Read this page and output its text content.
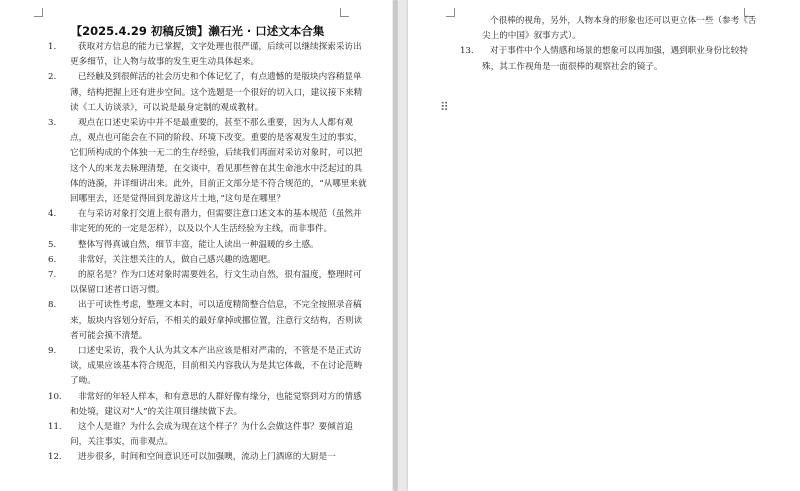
【2025.4.29 初稿反馈】濑石光 · 口述文本合集
1.	获取对方信息的能力已掌握，文字处理也很严谨，后续可以继续探索采访出更多细节，让人物与故事的发生更生动具体起来。
2.	已经触及到很鲜活的社会历史和个体记忆了，有点遗憾的是版块内容稍显单薄，结构把握上还有进步空间。这个选题是一个很好的切入口，建议接下来精读《工人访谈录》，可以说是最身定制的观成教材。
3.	观点在口述史采访中并不是最重要的，甚至不那么重要，因为人人都有观点，观点也可能会在不同的阶段、环境下改变。重要的是客观发生过的事实，它们所构成的个体独一无二的生存经验，后续我们再面对采访对象时，可以把这个人的来龙去脉理清楚，在交谈中，看见那些曾在其生命池水中泛起过的具体的涟漪，并详细讲出来。此外，目前正文部分是不符合规范的，“从哪里来就回哪里去，还是觉得回到龙游这片土地，”这句是在哪里？
4.	在与采访对象打交道上很有潜力，但需要注意口述文本的基本规范（虽然并非定死的死的一定是怎样），以及以个人生活经验为主线，而非事件。
5.	整体写得真诚自然，细节丰富，能让人读出一种温暖的乡土感。
6.	非常好，关注想关注的人，做自己感兴趣的选题吧。
7.	的原名是？作为口述对象时需要姓名，行文生动自然，很有温度，整理时可以保留口述者口语习惯。
8.	出于可读性考虑，整理文本时，可以适度精简整合信息，不完全按照录音稿来，版块内容划分好后，不相关的最好拿掉或挪位置，注意行文结构，否则读者可能会摸不清楚。
9.	口述史采访，我个人认为其文本产出应该是相对严肃的，不管是不是正式访谈，成果应该基本符合规范，目前相关内容我认为是其它体裁，不在讨论范畴了呦。
10.	非常好的年轻人样本，和有意思的人群好像有缘分，也能觉察到对方的情感和处境，建议对“人”的关注项目继续做下去。
11.	这个人是谁？为什么会成为现在这个样子？为什么会做这件事？要倾首追问，关注事实，而非观点。
12.	进步很多，时间和空间意识还可以加强噢，流动上门酒席的大厨是一
个很棒的视角，另外，人物本身的形象也还可以更立体一些（参考《舌尖上的中国》叙事方式）。
13.	对于事件中个人情感和场景的想象可以再加强，遇到职业身份比较特殊，其工作视角是一面很棒的观察社会的镜子。
⠿
